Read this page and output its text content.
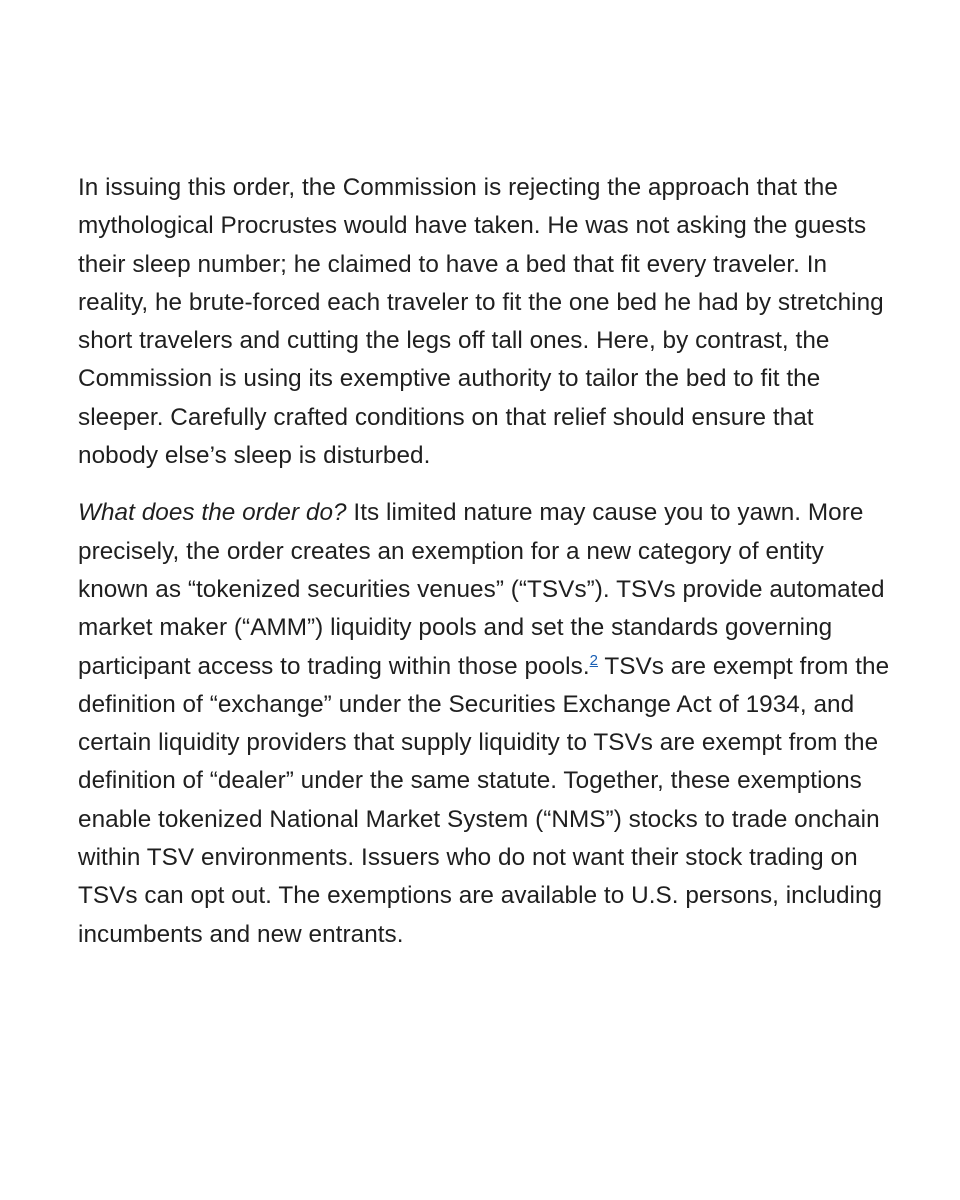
In issuing this order, the Commission is rejecting the approach that the mythological Procrustes would have taken. He was not asking the guests their sleep number; he claimed to have a bed that fit every traveler. In reality, he brute-forced each traveler to fit the one bed he had by stretching short travelers and cutting the legs off tall ones. Here, by contrast, the Commission is using its exemptive authority to tailor the bed to fit the sleeper. Carefully crafted conditions on that relief should ensure that nobody else’s sleep is disturbed.

What does the order do? Its limited nature may cause you to yawn. More precisely, the order creates an exemption for a new category of entity known as “tokenized securities venues” (“TSVs”). TSVs provide automated market maker (“AMM”) liquidity pools and set the standards governing participant access to trading within those pools.$^2$ TSVs are exempt from the definition of “exchange” under the Securities Exchange Act of 1934, and certain liquidity providers that supply liquidity to TSVs are exempt from the definition of “dealer” under the same statute. Together, these exemptions enable tokenized National Market System (“NMS”) stocks to trade onchain within TSV environments. Issuers who do not want their stock trading on TSVs can opt out. The exemptions are available to U.S. persons, including incumbents and new entrants.
